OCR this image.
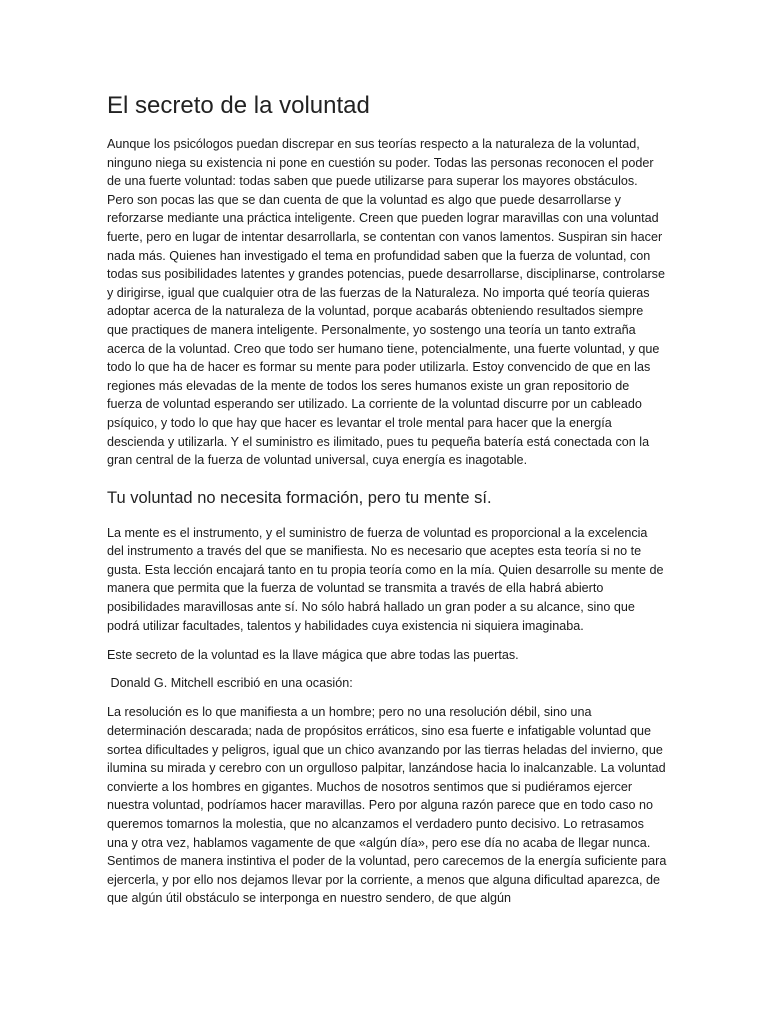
El secreto de la voluntad

Aunque los psicólogos puedan discrepar en sus teorías respecto a la naturaleza de la voluntad, ninguno niega su existencia ni pone en cuestión su poder. Todas las personas reconocen el poder de una fuerte voluntad: todas saben que puede utilizarse para superar los mayores obstáculos. Pero son pocas las que se dan cuenta de que la voluntad es algo que puede desarrollarse y reforzarse mediante una práctica inteligente. Creen que pueden lograr maravillas con una voluntad fuerte, pero en lugar de intentar desarrollarla, se contentan con vanos lamentos. Suspiran sin hacer nada más. Quienes han investigado el tema en profundidad saben que la fuerza de voluntad, con todas sus posibilidades latentes y grandes potencias, puede desarrollarse, disciplinarse, controlarse y dirigirse, igual que cualquier otra de las fuerzas de la Naturaleza. No importa qué teoría quieras adoptar acerca de la naturaleza de la voluntad, porque acabarás obteniendo resultados siempre que practiques de manera inteligente. Personalmente, yo sostengo una teoría un tanto extraña acerca de la voluntad. Creo que todo ser humano tiene, potencialmente, una fuerte voluntad, y que todo lo que ha de hacer es formar su mente para poder utilizarla. Estoy convencido de que en las regiones más elevadas de la mente de todos los seres humanos existe un gran repositorio de fuerza de voluntad esperando ser utilizado. La corriente de la voluntad discurre por un cableado psíquico, y todo lo que hay que hacer es levantar el trole mental para hacer que la energía descienda y utilizarla. Y el suministro es ilimitado, pues tu pequeña batería está conectada con la gran central de la fuerza de voluntad universal, cuya energía es inagotable.

Tu voluntad no necesita formación, pero tu mente sí.

La mente es el instrumento, y el suministro de fuerza de voluntad es proporcional a la excelencia del instrumento a través del que se manifiesta. No es necesario que aceptes esta teoría si no te gusta. Esta lección encajará tanto en tu propia teoría como en la mía. Quien desarrolle su mente de manera que permita que la fuerza de voluntad se transmita a través de ella habrá abierto posibilidades maravillosas ante sí. No sólo habrá hallado un gran poder a su alcance, sino que podrá utilizar facultades, talentos y habilidades cuya existencia ni siquiera imaginaba.

Este secreto de la voluntad es la llave mágica que abre todas las puertas.

Donald G. Mitchell escribió en una ocasión:

La resolución es lo que manifiesta a un hombre; pero no una resolución débil, sino una determinación descarada; nada de propósitos erráticos, sino esa fuerte e infatigable voluntad que sortea dificultades y peligros, igual que un chico avanzando por las tierras heladas del invierno, que ilumina su mirada y cerebro con un orgulloso palpitar, lanzándose hacia lo inalcanzable. La voluntad convierte a los hombres en gigantes. Muchos de nosotros sentimos que si pudiéramos ejercer nuestra voluntad, podríamos hacer maravillas. Pero por alguna razón parece que en todo caso no queremos tomarnos la molestia, que no alcanzamos el verdadero punto decisivo. Lo retrasamos una y otra vez, hablamos vagamente de que «algún día», pero ese día no acaba de llegar nunca. Sentimos de manera instintiva el poder de la voluntad, pero carecemos de la energía suficiente para ejercerla, y por ello nos dejamos llevar por la corriente, a menos que alguna dificultad aparezca, de que algún útil obstáculo se interponga en nuestro sendero, de que algún
